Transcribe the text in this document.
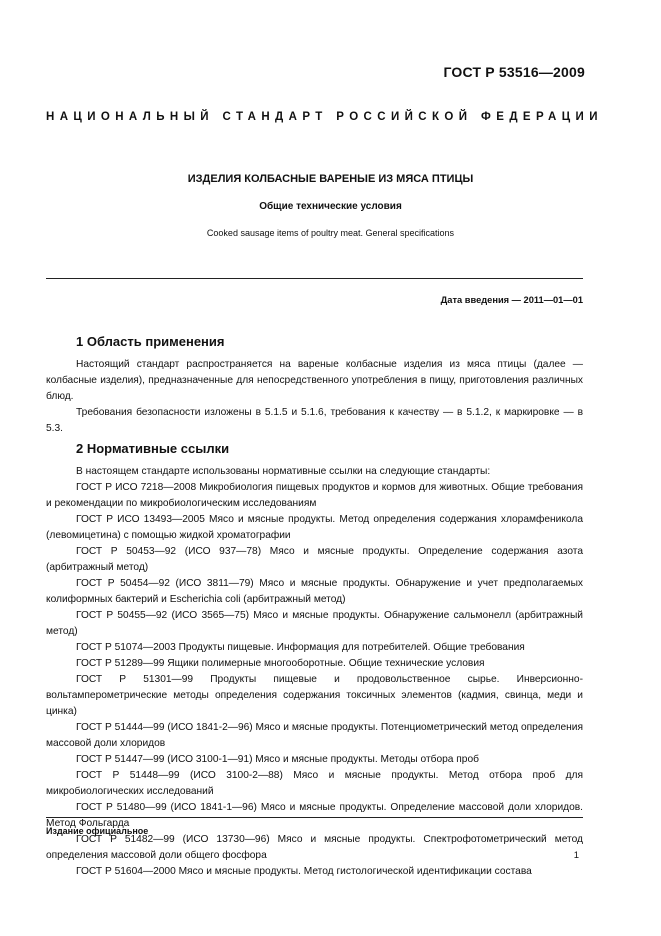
ГОСТ Р 53516—2009
НАЦИОНАЛЬНЫЙ СТАНДАРТ РОССИЙСКОЙ ФЕДЕРАЦИИ
ИЗДЕЛИЯ КОЛБАСНЫЕ ВАРЕНЫЕ ИЗ МЯСА ПТИЦЫ
Общие технические условия
Cooked sausage items of poultry meat. General specifications
Дата введения — 2011—01—01
1 Область применения

Настоящий стандарт распространяется на вареные колбасные изделия из мяса птицы (далее — колбасные изделия), предназначенные для непосредственного употребления в пищу, приготовления различных блюд.

Требования безопасности изложены в 5.1.5 и 5.1.6, требования к качеству — в 5.1.2, к маркировке — в 5.3.

2 Нормативные ссылки

В настоящем стандарте использованы нормативные ссылки на следующие стандарты:

ГОСТ Р ИСО 7218—2008 Микробиология пищевых продуктов и кормов для животных. Общие требования и рекомендации по микробиологическим исследованиям

ГОСТ Р ИСО 13493—2005 Мясо и мясные продукты. Метод определения содержания хлорамфеникола (левомицетина) с помощью жидкой хроматографии

ГОСТ Р 50453—92 (ИСО 937—78) Мясо и мясные продукты. Определение содержания азота (арбитражный метод)

ГОСТ Р 50454—92 (ИСО 3811—79) Мясо и мясные продукты. Обнаружение и учет предполагаемых колиформных бактерий и Escherichia coli (арбитражный метод)

ГОСТ Р 50455—92 (ИСО 3565—75) Мясо и мясные продукты. Обнаружение сальмонелл (арбитражный метод)

ГОСТ Р 51074—2003 Продукты пищевые. Информация для потребителей. Общие требования

ГОСТ Р 51289—99 Ящики полимерные многооборотные. Общие технические условия

ГОСТ Р 51301—99 Продукты пищевые и продовольственное сырье. Инверсионно-вольтамперометрические методы определения содержания токсичных элементов (кадмия, свинца, меди и цинка)

ГОСТ Р 51444—99 (ИСО 1841-2—96) Мясо и мясные продукты. Потенциометрический метод определения массовой доли хлоридов

ГОСТ Р 51447—99 (ИСО 3100-1—91) Мясо и мясные продукты. Методы отбора проб

ГОСТ Р 51448—99 (ИСО 3100-2—88) Мясо и мясные продукты. Метод отбора проб для микробиологических исследований

ГОСТ Р 51480—99 (ИСО 1841-1—96) Мясо и мясные продукты. Определение массовой доли хлоридов. Метод Фольгарда

ГОСТ Р 51482—99 (ИСО 13730—96) Мясо и мясные продукты. Спектрофотометрический метод определения массовой доли общего фосфора

ГОСТ Р 51604—2000 Мясо и мясные продукты. Метод гистологической идентификации состава

Издание официальное
1
